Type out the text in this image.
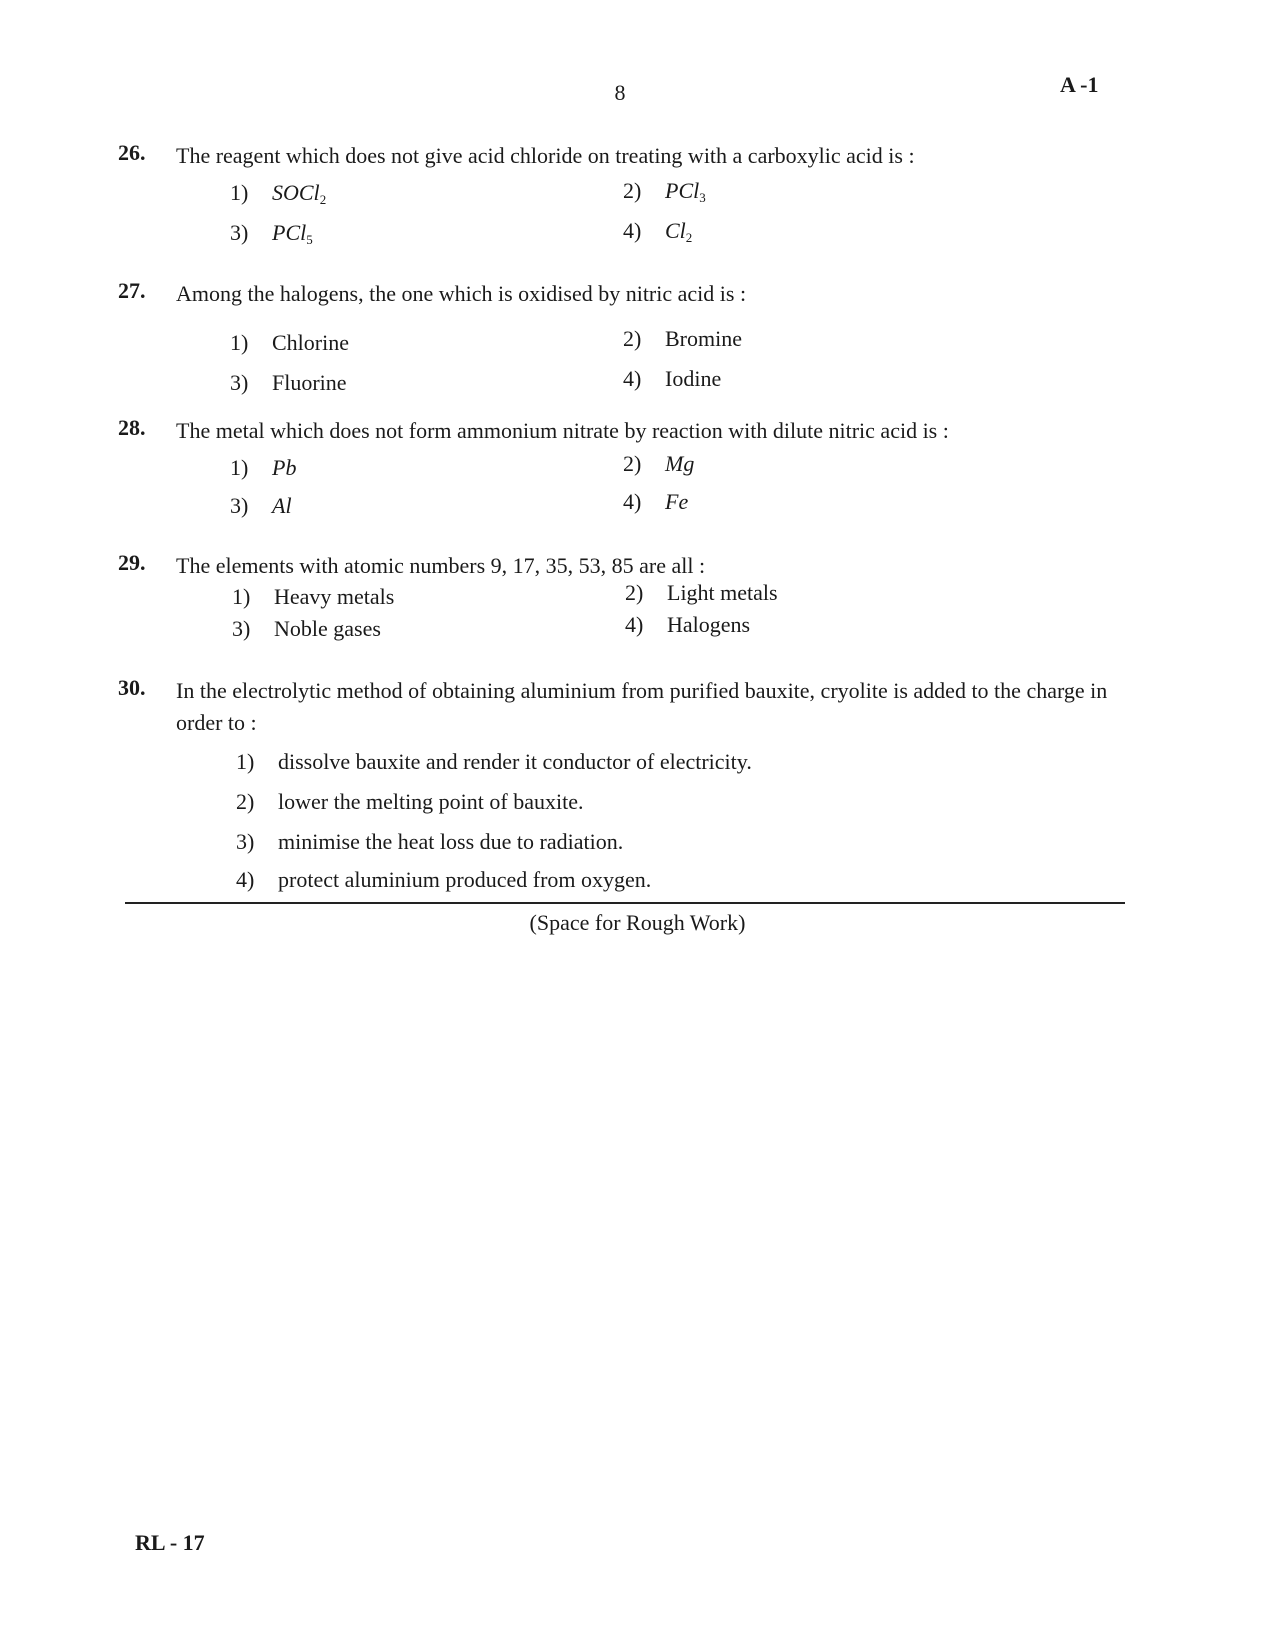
8	A -1
26. The reagent which does not give acid chloride on treating with a carboxylic acid is :
1) SOCl$_2$	2) PCl$_3$
3) PCl$_5$	4) $Cl_2$
27. Among the halogens, the one which is oxidised by nitric acid is :
1) Chlorine	2) Bromine
3) Fluorine	4) Iodine
28. The metal which does not form ammonium nitrate by reaction with dilute nitric acid is :
1) Pb	2) Mg
3) Al	4) Fe
29. The elements with atomic numbers 9, 17, 35, 53, 85 are all :
1) Heavy metals	2) Light metals
3) Noble gases	4) Halogens
30. In the electrolytic method of obtaining aluminium from purified bauxite, cryolite is added to the charge in order to :
1) dissolve bauxite and render it conductor of electricity.
2) lower the melting point of bauxite.
3) minimise the heat loss due to radiation.
4) protect aluminium produced from oxygen.
(Space for Rough Work)
RL - 17
